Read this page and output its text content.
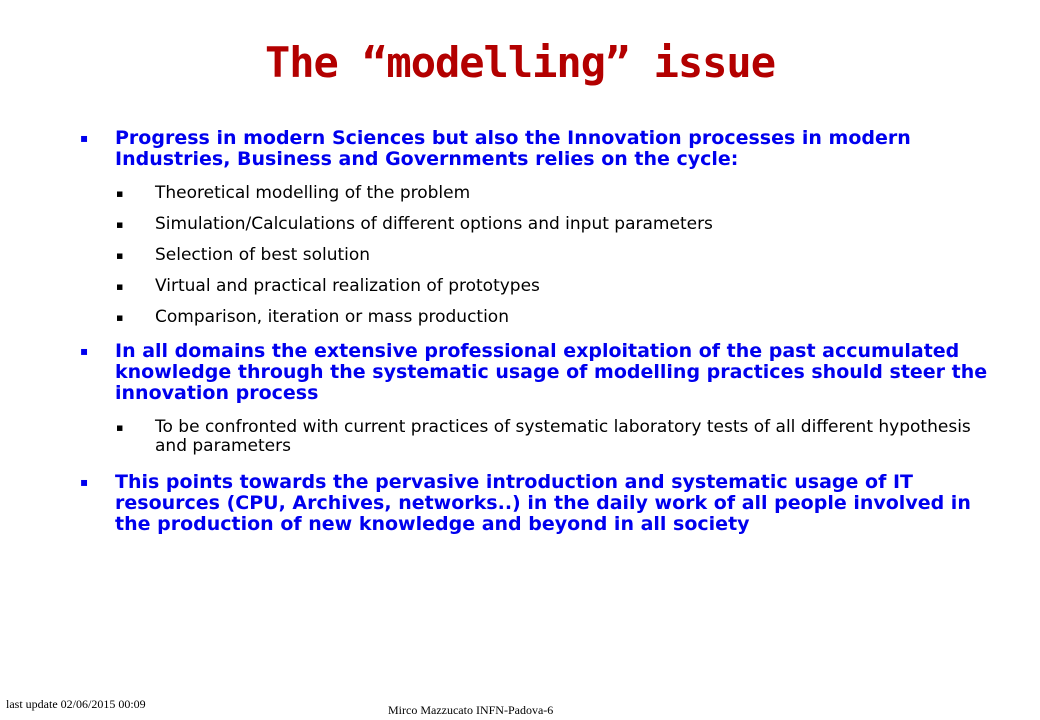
The “modelling” issue
▪ Progress in modern Sciences but also the Innovation processes in modern Industries, Business and Governments relies on the cycle:
▪ Theoretical modelling of the problem
▪ Simulation/Calculations of different options and input parameters
▪ Selection of best solution
▪ Virtual and practical realization of prototypes
▪ Comparison, iteration or mass production
▪ In all domains the extensive professional exploitation of the past accumulated knowledge through the systematic usage of modelling practices should steer the innovation process
▪ To be confronted with current practices of systematic laboratory tests of all different hypothesis and parameters
▪ This points towards the pervasive introduction and systematic usage of IT resources (CPU, Archives, networks..) in the daily work of all people involved in the production of new knowledge and beyond in all society
last update 02/06/2015 00:09	Mirco Mazzucato INFN-Padova-6
